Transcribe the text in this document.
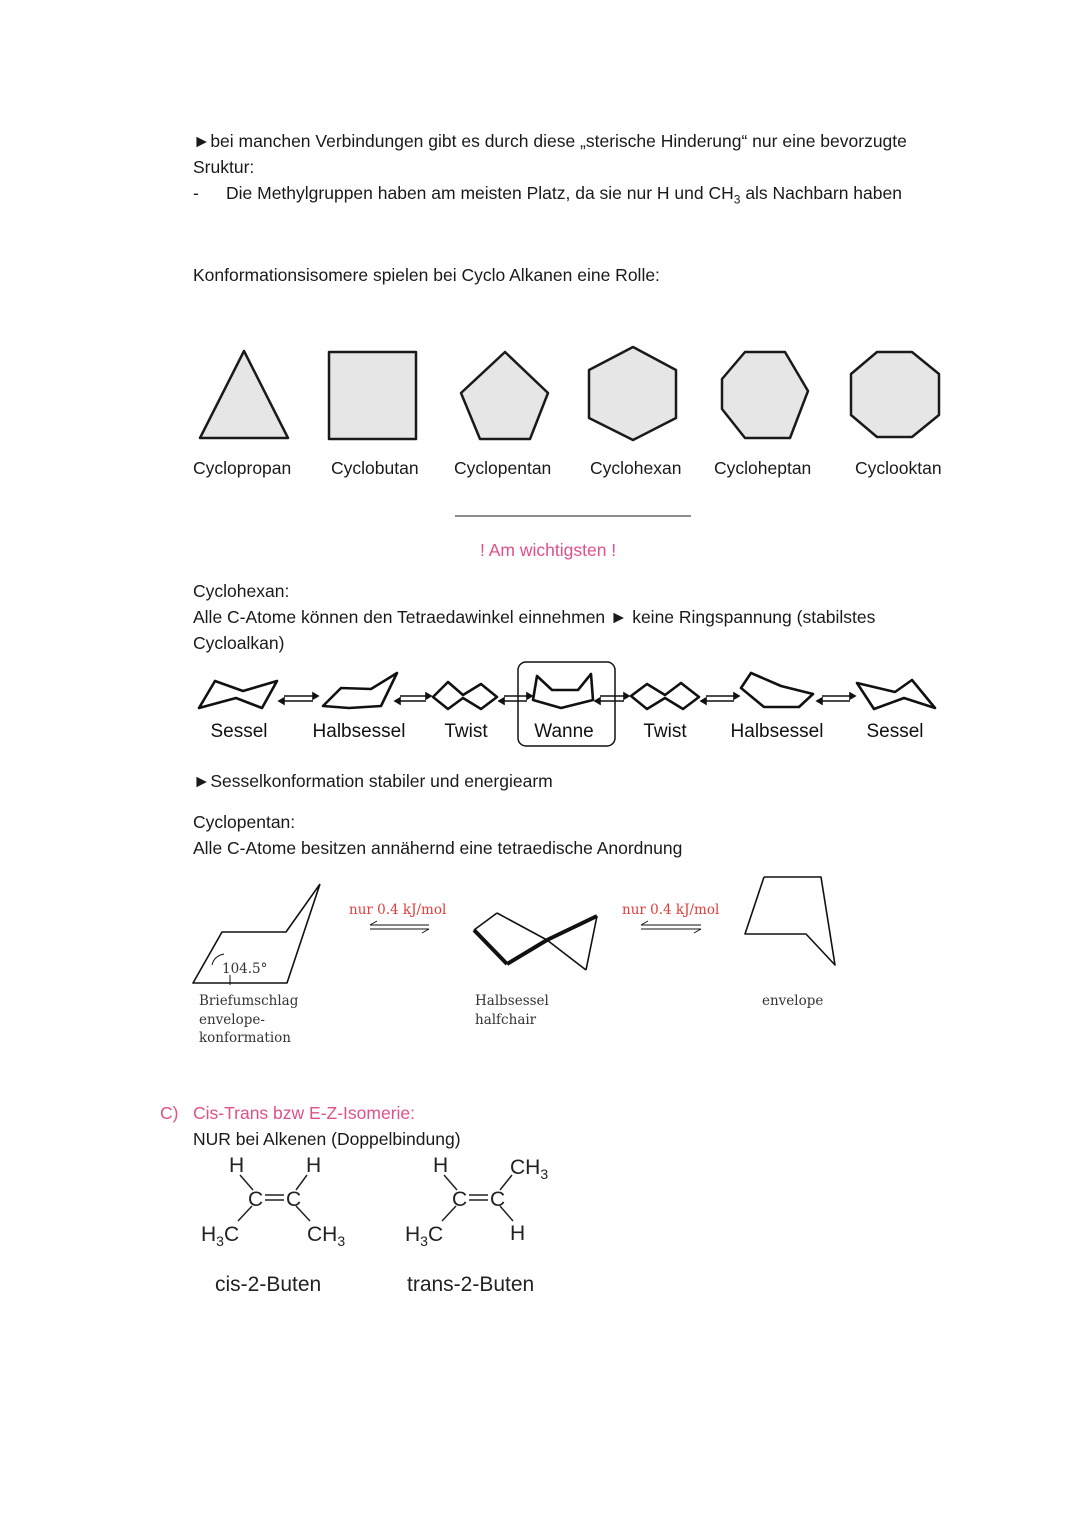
►bei manchen Verbindungen gibt es durch diese „sterische Hinderung“ nur eine bevorzugte
Sruktur:
- Die Methylgruppen haben am meisten Platz, da sie nur H und $CH_3$ als Nachbarn haben
Konformationsisomere spielen bei Cyclo Alkanen eine Rolle:
Cyclopropan Cyclobutan Cyclopentan Cyclohexan Cycloheptan Cyclooktan
! Am wichtigsten !
Cyclohexan:
Alle C-Atome können den Tetraedawinkel einnehmen ► keine Ringspannung (stabilstes
Cycloalkan)
Sessel Halbsessel Twist Wanne	Twist Halbsessel Sessel
►Sesselkonformation stabiler und energiearm
Cyclopentan:
Alle C-Atome besitzen annähernd eine tetraedische Anordnung
nur 0.4 kJ/mol	nur 0.4 kJ/mol
104.5°
Briefumschlag
envelope-
konformation
Halbsessel
halfchair
envelope
C) Cis-Trans bzw E-Z-Isomerie:
NUR bei Alkenen (Doppelbindung)
H	H
C C
$H_3C$	$CH_3$
H	$CH_3$
C C
$H_3C$	H
cis-2-Buten	trans-2-Buten
